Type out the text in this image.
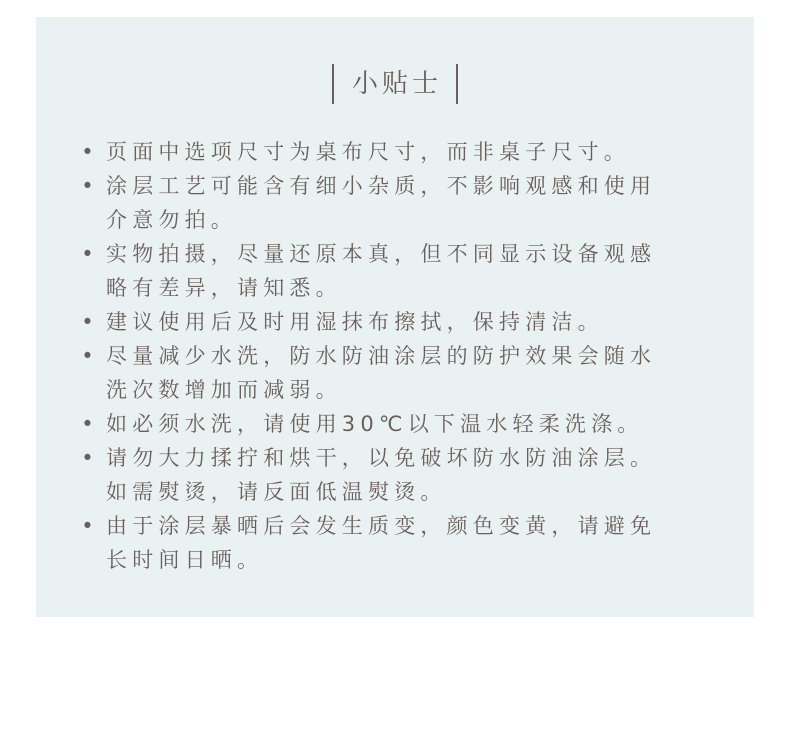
小贴士
• 页面中选项尺寸为桌布尺寸，而非桌子尺寸。
• 涂层工艺可能含有细小杂质，不影响观感和使用
介意勿拍。
• 实物拍摄，尽量还原本真，但不同显示设备观感
略有差异，请知悉。
• 建议使用后及时用湿抹布擦拭，保持清洁。
• 尽量减少水洗，防水防油涂层的防护效果会随水
洗次数增加而减弱。
• 如必须水洗，请使用30℃以下温水轻柔洗涤。
• 请勿大力揉拧和烘干，以免破坏防水防油涂层。
如需熨烫，请反面低温熨烫。
• 由于涂层暴晒后会发生质变，颜色变黄，请避免
长时间日晒。
